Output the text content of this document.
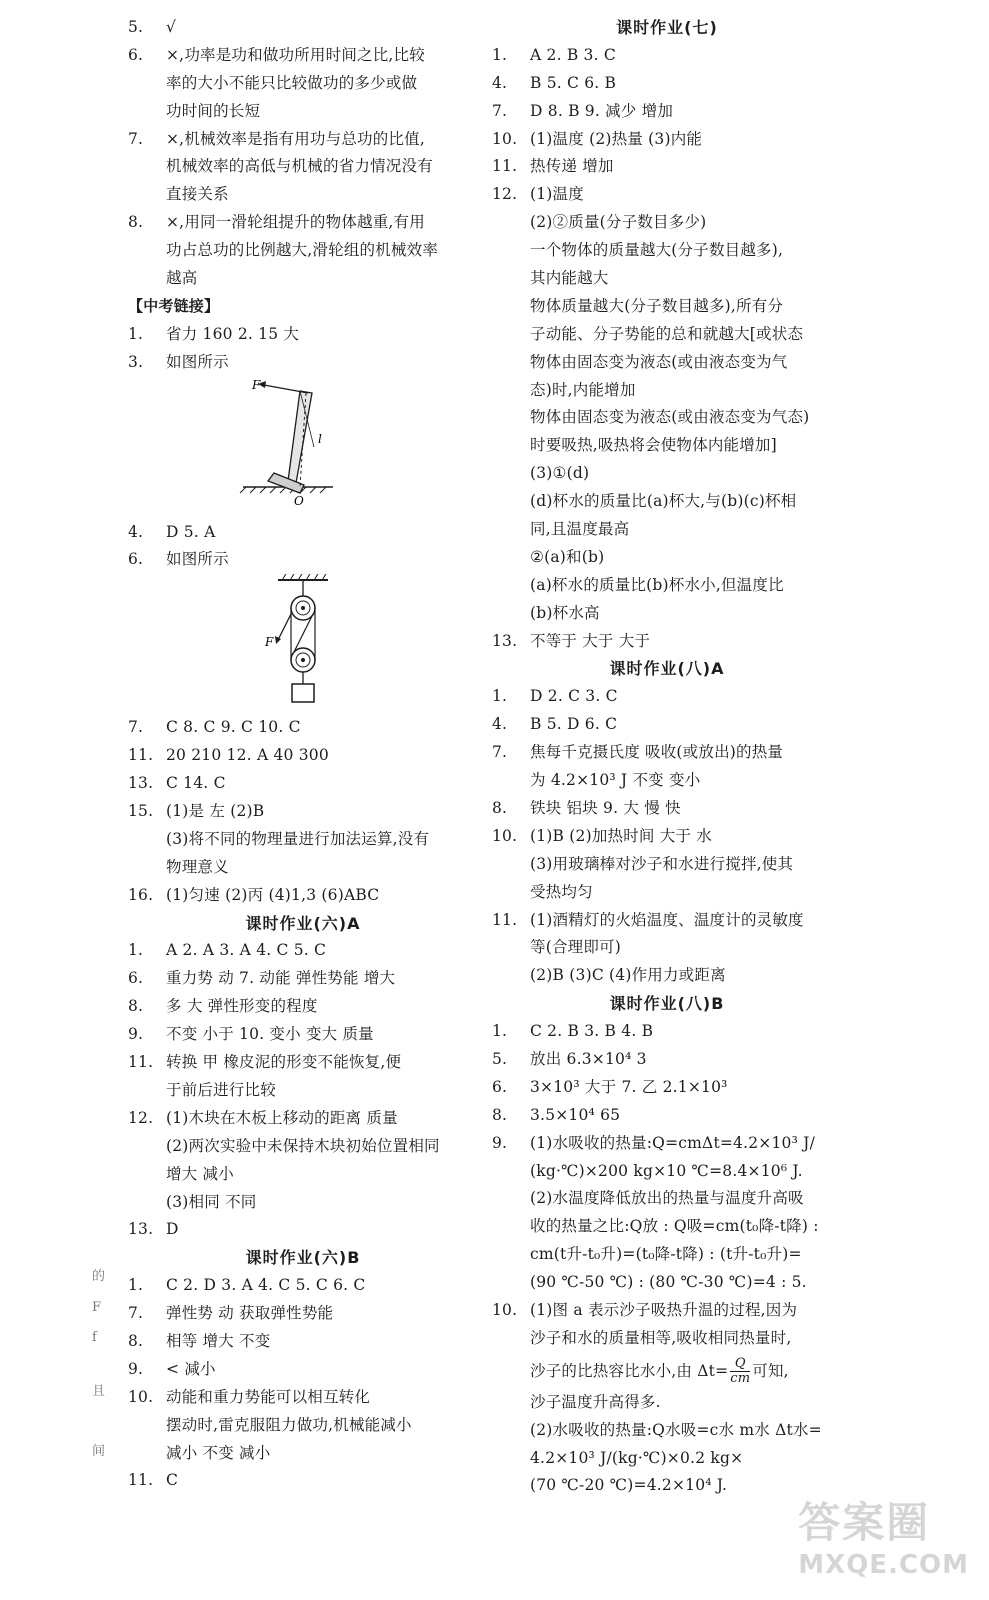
5. √
6. ×,功率是功和做功所用时间之比,比较
率的大小不能只比较做功的多少或做
功时间的长短
7. ×,机械效率是指有用功与总功的比值,
机械效率的高低与机械的省力情况没有
直接关系
8. ×,用同一滑轮组提升的物体越重,有用
功占总功的比例越大,滑轮组的机械效率
越高
【中考链接】
1. 省力 160 2. 15 大
3. 如图所示
F
l
O
4. D 5. A
6. 如图所示
F
7. C 8. C 9. C 10. C
11. 20 210 12. A 40 300
13. C 14. C
15. (1)是 左 (2)B
(3)将不同的物理量进行加法运算,没有
物理意义
16. (1)匀速 (2)丙 (4)1,3 (6)ABC
课时作业(六)A
1. A 2. A 3. A 4. C 5. C
6. 重力势 动 7. 动能 弹性势能 增大
8. 多 大 弹性形变的程度
9. 不变 小于 10. 变小 变大 质量
11. 转换 甲 橡皮泥的形变不能恢复,便
于前后进行比较
12. (1)木块在木板上移动的距离 质量
(2)两次实验中未保持木块初始位置相同
增大 减小
(3)相同 不同
13. D
课时作业(六)B
1. C 2. D 3. A 4. C 5. C 6. C
7. 弹性势 动 获取弹性势能
8. 相等 增大 不变
9. < 减小
10. 动能和重力势能可以相互转化
摆动时,雷克服阻力做功,机械能减小
减小 不变 减小
11. C
课时作业(七)
1. A 2. B 3. C
4. B 5. C 6. B
7. D 8. B 9. 减少 增加
10. (1)温度 (2)热量 (3)内能
11. 热传递 增加
12. (1)温度
(2)②质量(分子数目多少)
一个物体的质量越大(分子数目越多),
其内能越大
物体质量越大(分子数目越多),所有分
子动能、分子势能的总和就越大[或状态
物体由固态变为液态(或由液态变为气
态)时,内能增加
物体由固态变为液态(或由液态变为气态)
时要吸热,吸热将会使物体内能增加]
(3)①(d)
(d)杯水的质量比(a)杯大,与(b)(c)杯相
同,且温度最高
②(a)和(b)
(a)杯水的质量比(b)杯水小,但温度比
(b)杯水高
13. 不等于 大于 大于
课时作业(八)A
1. D 2. C 3. C
4. B 5. D 6. C
7. 焦每千克摄氏度 吸收(或放出)的热量
为 4.2×10³ J 不变 变小
8. 铁块 铝块 9. 大 慢 快
10. (1)B (2)加热时间 大于 水
(3)用玻璃棒对沙子和水进行搅拌,使其
受热均匀
11. (1)酒精灯的火焰温度、温度计的灵敏度
等(合理即可)
(2)B (3)C (4)作用力或距离
课时作业(八)B
1. C 2. B 3. B 4. B
5. 放出 6.3×10⁴ 3
6. 3×10³ 大于 7. 乙 2.1×10³
8. 3.5×10⁴ 65
9. (1)水吸收的热量:Q=cmΔt=4.2×10³ J/
(kg·℃)×200 kg×10 ℃=8.4×10⁶ J.
(2)水温度降低放出的热量与温度升高吸
收的热量之比:Q放 : Q吸=cm(t₀降-t降) :
cm(t升-t₀升)=(t₀降-t降) : (t升-t₀升)=
(90 ℃-50 ℃) : (80 ℃-30 ℃)=4 : 5.
10. (1)图 a 表示沙子吸热升温的过程,因为
沙子和水的质量相等,吸收相同热量时,
沙子的比热容比水小,由 $\Delta t= \frac{Q}{cm}$ 可知,
沙子温度升高得多.
(2)水吸收的热量:Q水吸=c水 m水 Δt水=
4.2×10³ J/(kg·℃)×0.2 kg×
(70 ℃-20 ℃)=4.2×10⁴ J.
的
F
f
且
间
答案圈
MXQE.COM
